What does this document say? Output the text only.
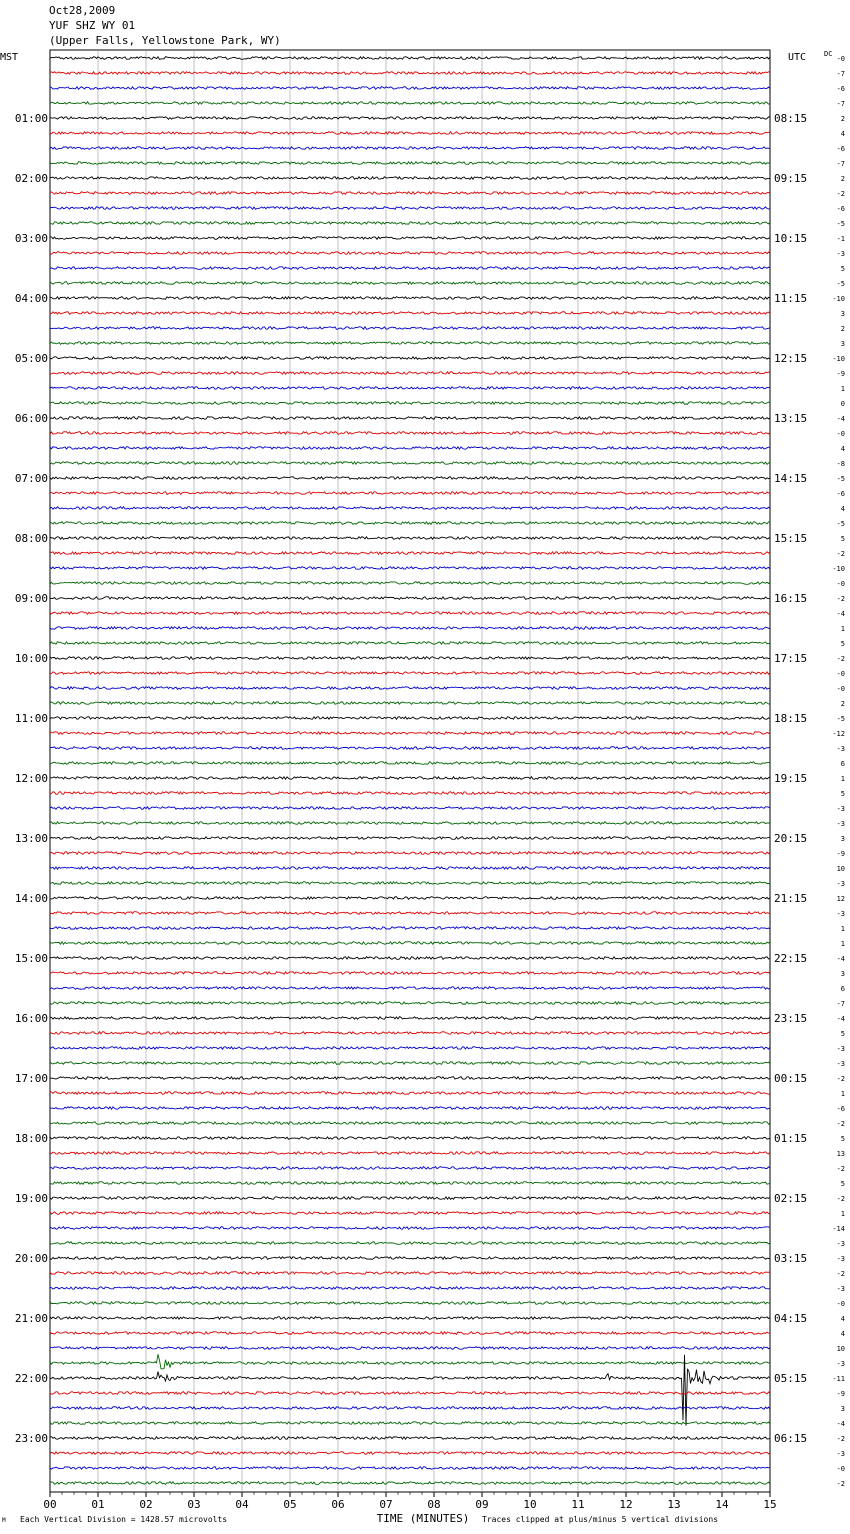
Oct28,2009
YUF SHZ WY 01
(Upper Falls, Yellowstone Park, WY)
-0
-7
-6
-7
2
4
-6
-7
2
-2
-6
-5
-1
-3
5
-5
-10
3
2
3
-10
-9
1
0
-4
-0
4
-8
-5
-6
4
-5
5
-2
-10
-0
-2
-4
1
5
-2
-0
-0
2
-5
-12
-3
6
1
5
-3
-3
3
-9
10
-3
12
-3
1
1
-4
3
6
-7
-4
5
-3
-3
-2
1
-6
-2
5
13
-2
5
-2
1
-14
-3
-3
-2
-3
-0
4
4
10
-3
-11
-9
3
-4
-2
-3
-0
-2
MST	UTC	DC
01:00
02:00
03:00
04:00
05:00
06:00
07:00
08:00
09:00
10:00
11:00
12:00
13:00
14:00
15:00
16:00
17:00
18:00
19:00
20:00
21:00
22:00
23:00
08:15
09:15
10:15
11:15
12:15
13:15
14:15
15:15
16:15
17:15
18:15
19:15
20:15
21:15
22:15
23:15
00:15
01:15
02:15
03:15
04:15
05:15
06:15
00	01	02	03	04	05	06	07	08	09	10	11	12	13	14	15
TIME (MINUTES)
M Each Vertical Division = 1428.57 microvolts	Traces clipped at plus/minus 5 vertical divisions
